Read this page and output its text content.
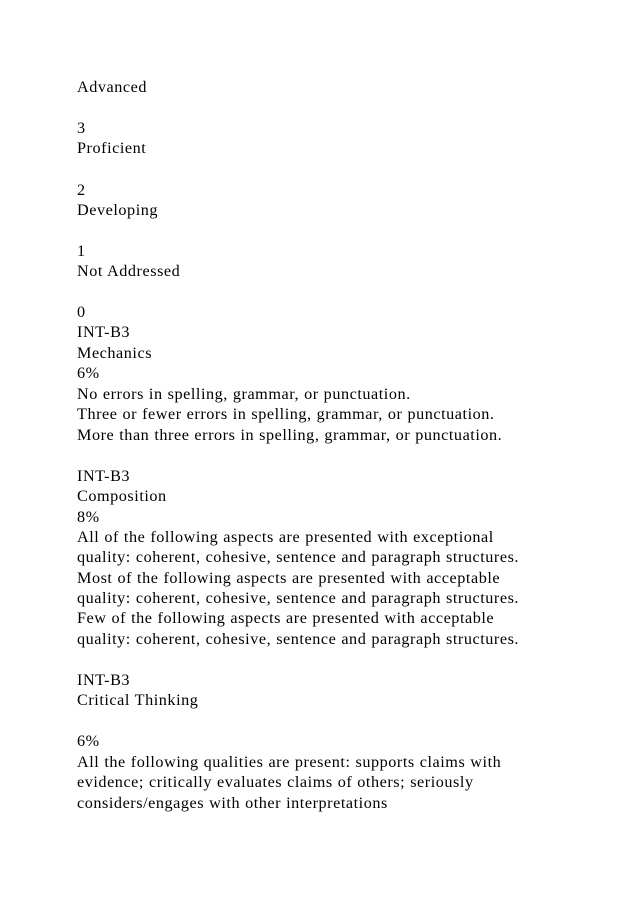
Advanced
3
Proficient
2
Developing
1
Not Addressed
0
INT-B3
Mechanics
6%
No errors in spelling, grammar, or punctuation.
Three or fewer errors in spelling, grammar, or punctuation.
More than three errors in spelling, grammar, or punctuation.
INT-B3
Composition
8%
All of the following aspects are presented with exceptional
quality: coherent, cohesive, sentence and paragraph structures.
Most of the following aspects are presented with acceptable
quality: coherent, cohesive, sentence and paragraph structures.
Few of the following aspects are presented with acceptable
quality: coherent, cohesive, sentence and paragraph structures.
INT-B3
Critical Thinking
6%
All the following qualities are present: supports claims with
evidence; critically evaluates claims of others; seriously
considers/engages with other interpretations
